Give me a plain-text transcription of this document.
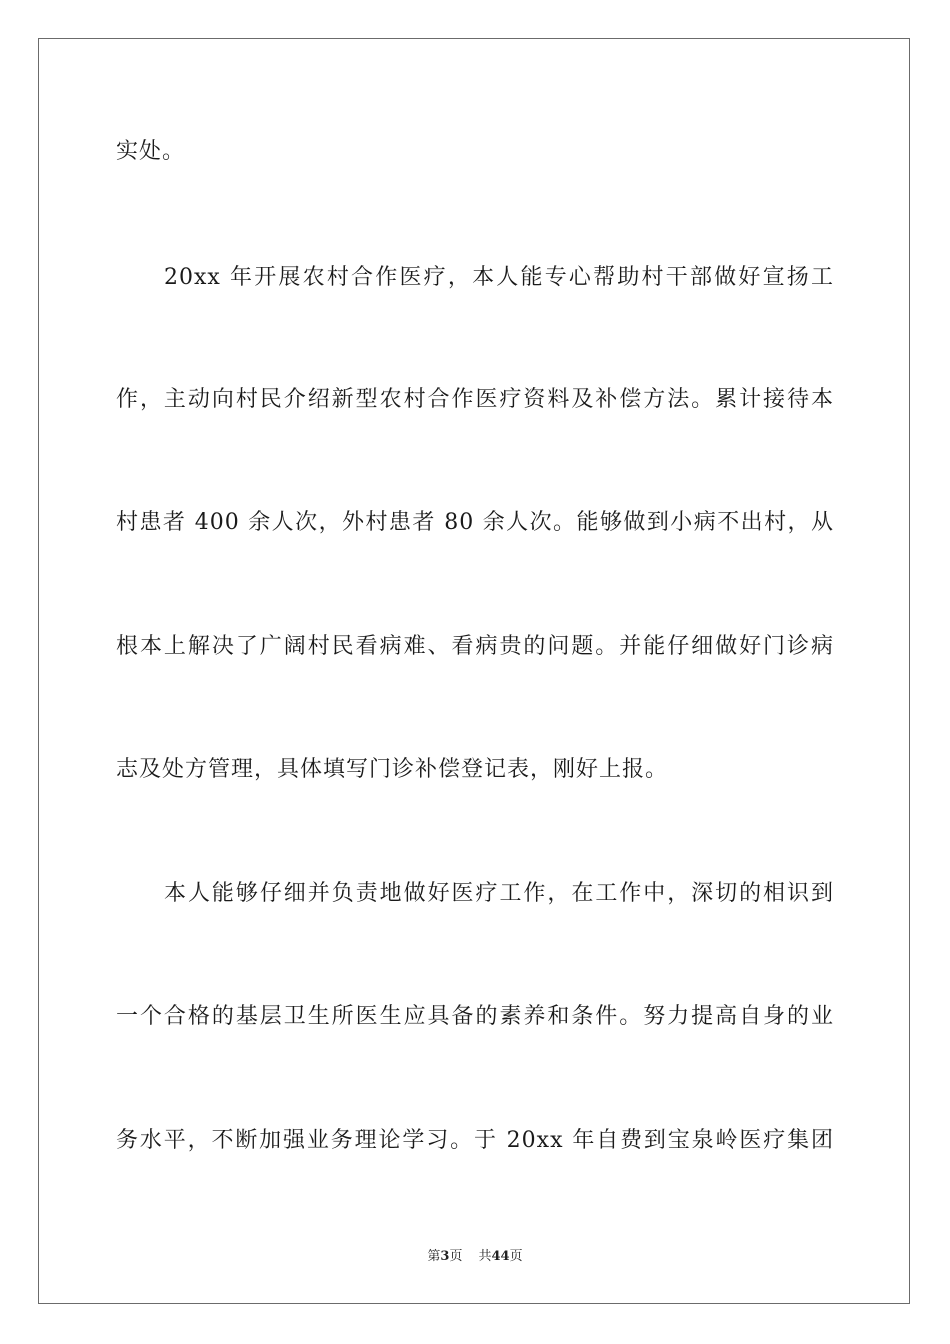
实处。
20xx 年开展农村合作医疗，本人能专心帮助村干部做好宣扬工
作，主动向村民介绍新型农村合作医疗资料及补偿方法。累计接待本
村患者 400 余人次，外村患者 80 余人次。能够做到小病不出村，从
根本上解决了广阔村民看病难、看病贵的问题。并能仔细做好门诊病
志及处方管理，具体填写门诊补偿登记表，刚好上报。
本人能够仔细并负责地做好医疗工作，在工作中，深切的相识到
一个合格的基层卫生所医生应具备的素养和条件。努力提高自身的业
务水平，不断加强业务理论学习。于 20xx 年自费到宝泉岭医疗集团
第3页 共44页
